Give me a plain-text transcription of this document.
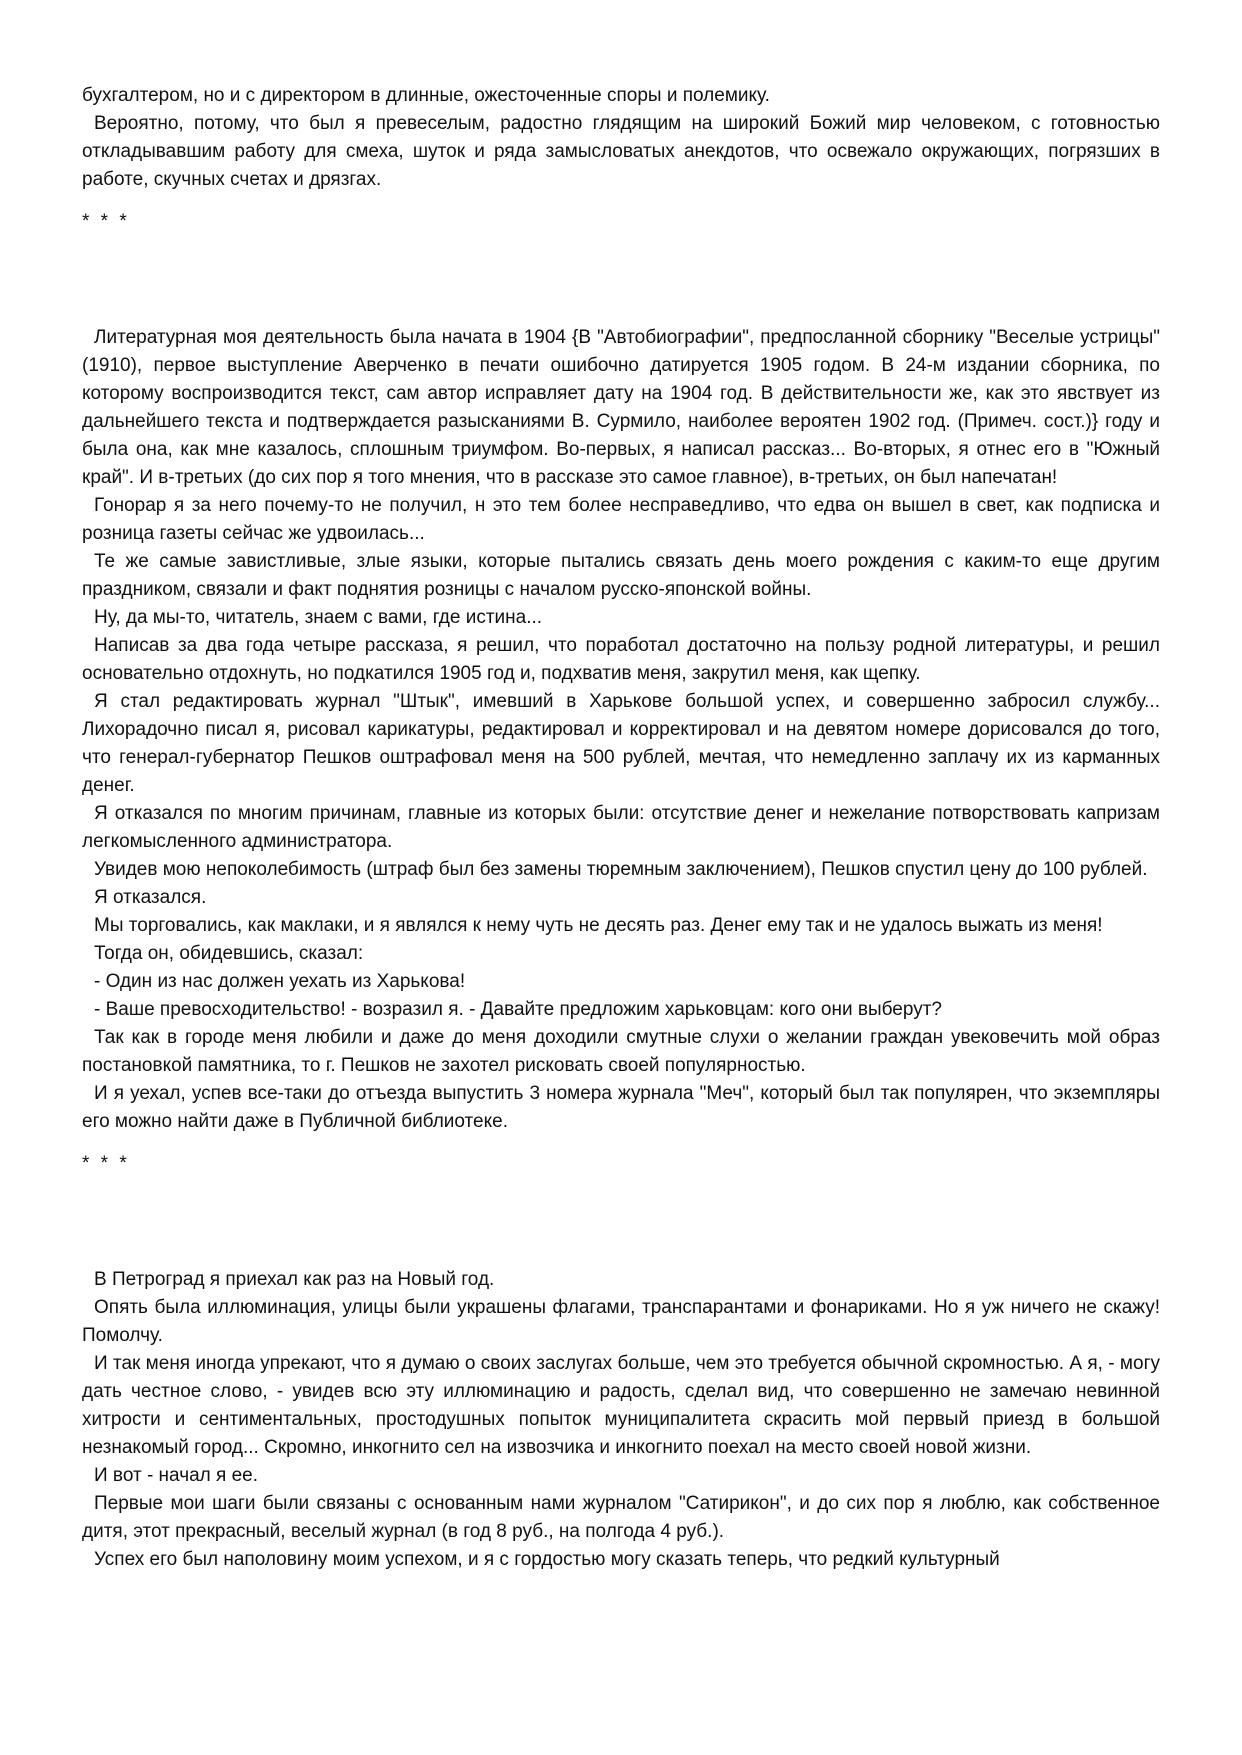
бухгалтером, но и с директором в длинные, ожесточенные споры и полемику.

Вероятно, потому, что был я превеселым, радостно глядящим на широкий Божий мир человеком, с готовностью откладывавшим работу для смеха, шуток и ряда замысловатых анекдотов, что освежало окружающих, погрязших в работе, скучных счетах и дрязгах.

* * *

Литературная моя деятельность была начата в 1904 {В "Автобиографии", предпосланной сборнику "Веселые устрицы" (1910), первое выступление Аверченко в печати ошибочно датируется 1905 годом. В 24-м издании сборника, по которому воспроизводится текст, сам автор исправляет дату на 1904 год. В действительности же, как это явствует из дальнейшего текста и подтверждается разысканиями В. Сурмило, наиболее вероятен 1902 год. (Примеч. сост.)} году и была она, как мне казалось, сплошным триумфом. Во-первых, я написал рассказ... Во-вторых, я отнес его в "Южный край". И в-третьих (до сих пор я того мнения, что в рассказе это самое главное), в-третьих, он был напечатан!

Гонорар я за него почему-то не получил, н это тем более несправедливо, что едва он вышел в свет, как подписка и розница газеты сейчас же удвоилась...

Те же самые завистливые, злые языки, которые пытались связать день моего рождения с каким-то еще другим праздником, связали и факт поднятия розницы с началом русско-японской войны.

Ну, да мы-то, читатель, знаем с вами, где истина...

Написав за два года четыре рассказа, я решил, что поработал достаточно на пользу родной литературы, и решил основательно отдохнуть, но подкатился 1905 год и, подхватив меня, закрутил меня, как щепку.

Я стал редактировать журнал "Штык", имевший в Харькове большой успех, и совершенно забросил службу... Лихорадочно писал я, рисовал карикатуры, редактировал и корректировал и на девятом номере дорисовался до того, что генерал-губернатор Пешков оштрафовал меня на 500 рублей, мечтая, что немедленно заплачу их из карманных денег.

Я отказался по многим причинам, главные из которых были: отсутствие денег и нежелание потворствовать капризам легкомысленного администратора.

Увидев мою непоколебимость (штраф был без замены тюремным заключением), Пешков спустил цену до 100 рублей.

Я отказался.

Мы торговались, как маклаки, и я являлся к нему чуть не десять раз. Денег ему так и не удалось выжать из меня!

Тогда он, обидевшись, сказал:

- Один из нас должен уехать из Харькова!

- Ваше превосходительство! - возразил я. - Давайте предложим харьковцам: кого они выберут?

Так как в городе меня любили и даже до меня доходили смутные слухи о желании граждан увековечить мой образ постановкой памятника, то г. Пешков не захотел рисковать своей популярностью.

И я уехал, успев все-таки до отъезда выпустить 3 номера журнала "Меч", который был так популярен, что экземпляры его можно найти даже в Публичной библиотеке.

* * *

В Петроград я приехал как раз на Новый год.

Опять была иллюминация, улицы были украшены флагами, транспарантами и фонариками. Но я уж ничего не скажу! Помолчу.

И так меня иногда упрекают, что я думаю о своих заслугах больше, чем это требуется обычной скромностью. А я, - могу дать честное слово, - увидев всю эту иллюминацию и радость, сделал вид, что совершенно не замечаю невинной хитрости и сентиментальных, простодушных попыток муниципалитета скрасить мой первый приезд в большой незнакомый город... Скромно, инкогнито сел на извозчика и инкогнито поехал на место своей новой жизни.

И вот - начал я ее.

Первые мои шаги были связаны с основанным нами журналом "Сатирикон", и до сих пор я люблю, как собственное дитя, этот прекрасный, веселый журнал (в год 8 руб., на полгода 4 руб.).

Успех его был наполовину моим успехом, и я с гордостью могу сказать теперь, что редкий культурный
